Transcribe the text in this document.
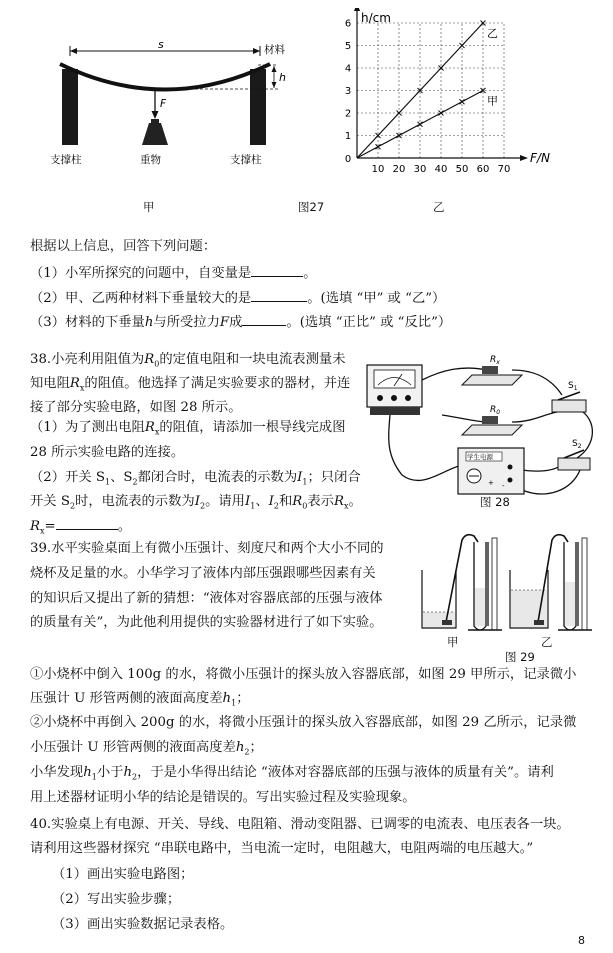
s
h
材料
F
支撑柱	重物	支撑柱
10 20 30 40 50 60 70
1
2
3
4
5
6
0
h/cm
F/N
乙
甲
甲	图27	乙
根据以上信息，回答下列问题：
（1）小军所探究的问题中，自变量是	。
（2）甲、乙两种材料下垂量较大的是	。(选填 “甲” 或 “乙”）
（3）材料的下垂量h与所受拉力F成	。(选填 “正比” 或 “反比”）
38.小亮利用阻值为$R_0$的定值电阻和一块电流表测量未
知电阻$R_x$的阻值。他选择了满足实验要求的器材，并连
接了部分实验电路，如图 28 所示。
（1）为了测出电阻$R_x$的阻值，请添加一根导线完成图
28 所示实验电路的连接。
（2）开关 $S_1$、$S_2$都闭合时，电流表的示数为$I_1$；只闭合
开关 $S_2$时，电流表的示数为$I_2$。请用$I_1$、$I_2$和$R_0$表示$R_x$。
$R_x=$	。
+ -
$R_x$
$R_0$
$S_1$
$S_2$
学生电源
图 28
39.水平实验桌面上有微小压强计、刻度尺和两个大小不同的
烧杯及足量的水。小华学习了液体内部压强跟哪些因素有关
的知识后又提出了新的猜想：“液体对容器底部的压强与液体
的质量有关”，为此他利用提供的实验器材进行了如下实验。
甲	乙
图 29
①小烧杯中倒入 100g 的水，将微小压强计的探头放入容器底部，如图 29 甲所示，记录微小
压强计 U 形管两侧的液面高度差$h_1$；
②小烧杯中再倒入 200g 的水，将微小压强计的探头放入容器底部，如图 29 乙所示，记录微
小压强计 U 形管两侧的液面高度差$h_2$；
小华发现$h_1$小于$h_2$，于是小华得出结论 “液体对容器底部的压强与液体的质量有关”。请利
用上述器材证明小华的结论是错误的。写出实验过程及实验现象。
40.实验桌上有电源、开关、导线、电阻箱、滑动变阻器、已调零的电流表、电压表各一块。
请利用这些器材探究 “串联电路中，当电流一定时，电阻越大，电阻两端的电压越大。”
（1）画出实验电路图；
（2）写出实验步骤；
（3）画出实验数据记录表格。
8
